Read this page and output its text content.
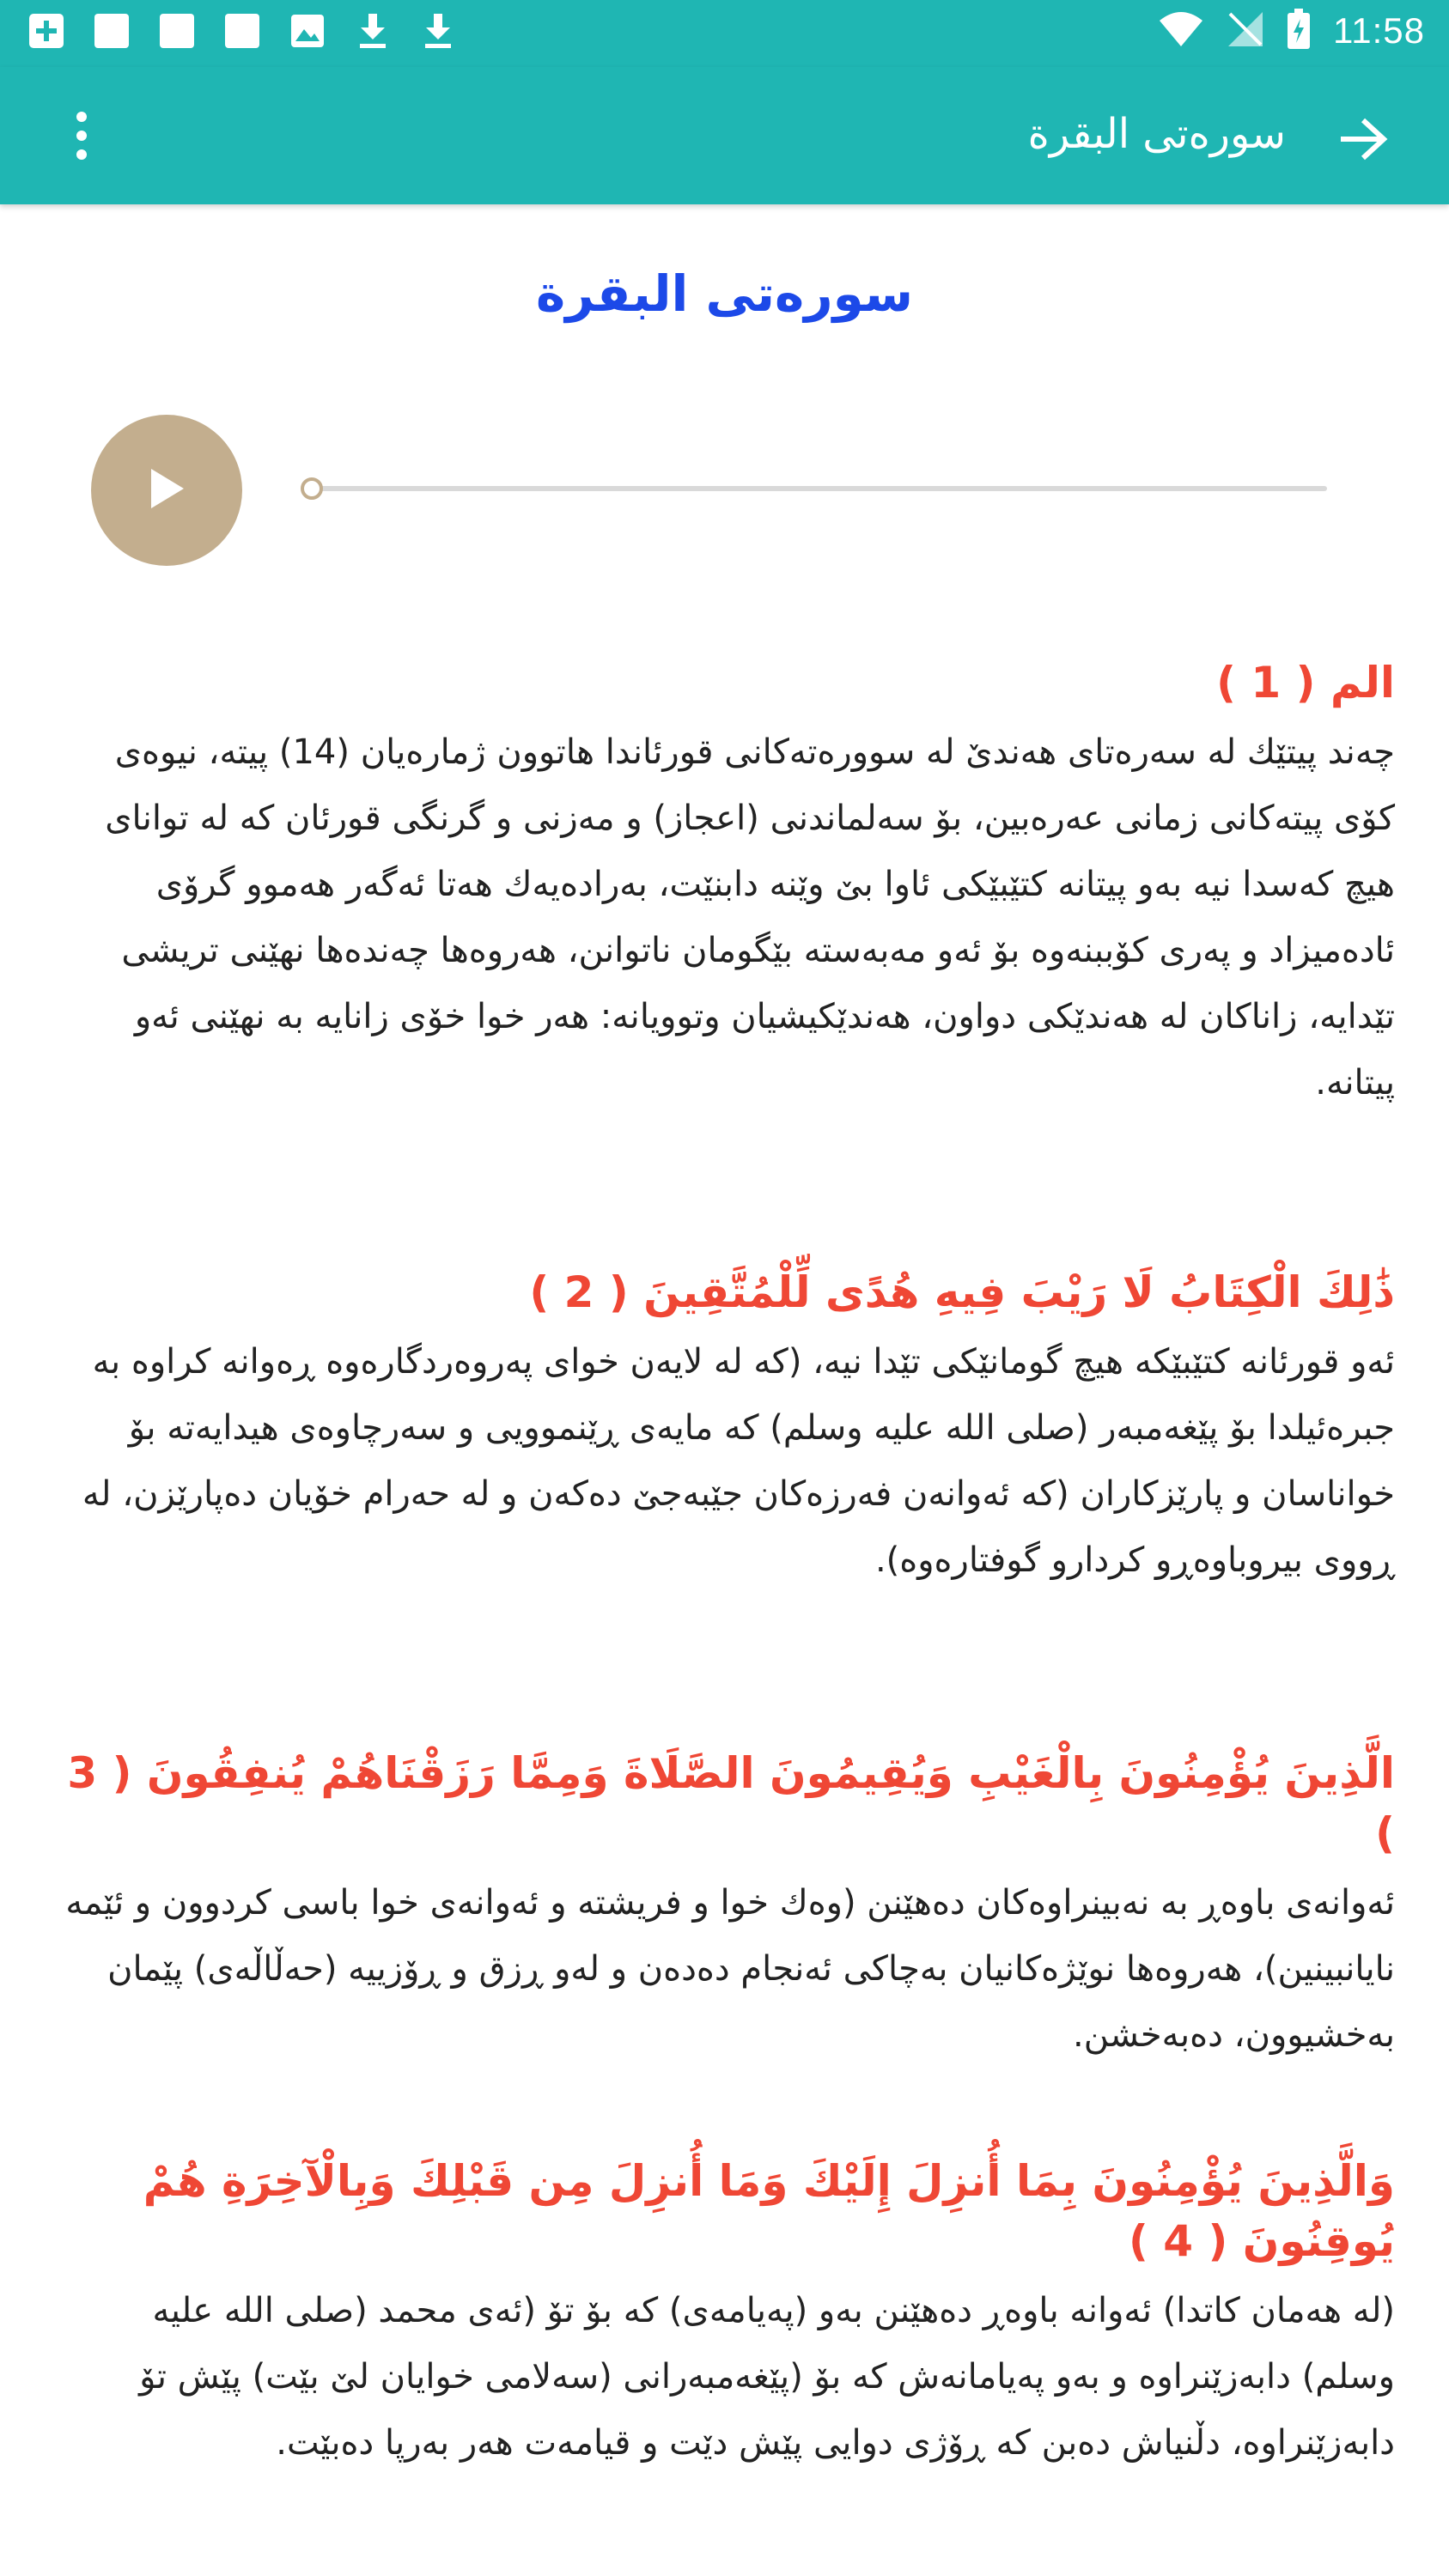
11:58
سورەتی البقرة
سورەتی البقرة
الم ( 1 )
چەند پیتێك لە سەرەتای هەندێ لە سوورەتەكانی قورئاندا هاتوون ژمارەیان (14) پیتە، نیوەی كۆی پیتەكانی زمانی عەرەبین، بۆ سەلماندنی (اعجاز) و مەزنی و گرنگی قورئان كە لە توانای هیچ كەسدا نیە بەو پیتانە كتێبێكی ئاوا بێ وێنە دابنێت، بەرادەیەك هەتا ئەگەر هەموو گرۆی ئادەمیزاد و پەری كۆببنەوە بۆ ئەو مەبەستە بێگومان ناتوانن، هەروەها چەندەها نهێنی تریشی تێدایە، زاناكان لە هەندێكی دواون، هەندێكیشیان وتوویانە: هەر خوا خۆی زانایە بە نهێنی ئەو پیتانە.
ذَٰلِكَ الْكِتَابُ لَا رَيْبَ فِيهِ هُدًى لِّلْمُتَّقِينَ ( 2 )
ئەو قورئانە كتێبێكە هیچ گومانێكی تێدا نیە، (كە لە لایەن خوای پەروەردگارەوە ڕەوانە كراوە بە جبرەئیلدا بۆ پێغەمبەر (صلى الله عليه وسلم) كە مایەی ڕێنموویی و سەرچاوەی هیدایەتە بۆ خواناسان و پارێزكاران (كە ئەوانەن فەرزەكان جێبەجێ دەكەن و لە حەرام خۆیان دەپارێزن، لە ڕووی بیروباوەڕو كردارو گوفتارەوە).
الَّذِينَ يُؤْمِنُونَ بِالْغَيْبِ وَيُقِيمُونَ الصَّلَاةَ وَمِمَّا رَزَقْنَاهُمْ يُنفِقُونَ ( 3 )
ئەوانەی باوەڕ بە نەبینراوەكان دەهێنن (وەك خوا و فریشتە و ئەوانەی خوا باسی كردوون و ئێمە نایانبینین)، هەروەها نوێژەكانیان بەچاكی ئەنجام دەدەن و لەو ڕزق و ڕۆزییە (حەڵاڵەی) پێمان بەخشیوون، دەبەخشن.
وَالَّذِينَ يُؤْمِنُونَ بِمَا أُنزِلَ إِلَيْكَ وَمَا أُنزِلَ مِن قَبْلِكَ وَبِالْآخِرَةِ هُمْ يُوقِنُونَ ( 4 )
(لە هەمان كاتدا) ئەوانە باوەڕ دەهێنن بەو (پەیامەی) كە بۆ تۆ (ئەی محمد (صلى الله عليه وسلم) دابەزێنراوە و بەو پەیامانەش كە بۆ (پێغەمبەرانی (سەلامی خوایان لێ بێت) پێش تۆ دابەزێنراوە، دڵنیاش دەبن كە ڕۆژی دوایی پێش دێت و قیامەت هەر بەرپا دەبێت.
